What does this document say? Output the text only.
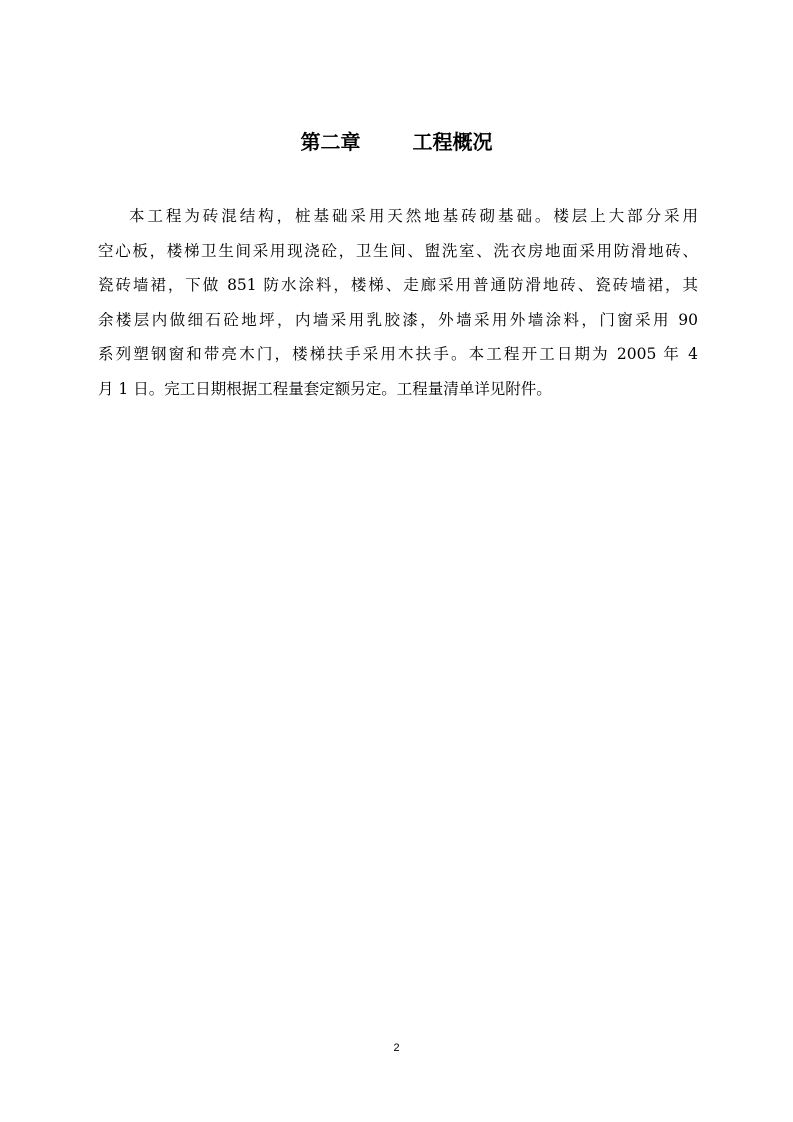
第二章	工程概况
本工程为砖混结构，桩基础采用天然地基砖砌基础。楼层上大部分采用
空心板，楼梯卫生间采用现浇砼，卫生间、盥洗室、洗衣房地面采用防滑地砖、
瓷砖墙裙，下做 851 防水涂料，楼梯、走廊采用普通防滑地砖、瓷砖墙裙，其
余楼层内做细石砼地坪，内墙采用乳胶漆，外墙采用外墙涂料，门窗采用 90
系列塑钢窗和带亮木门，楼梯扶手采用木扶手。本工程开工日期为 2005 年 4
月 1 日。完工日期根据工程量套定额另定。工程量清单详见附件。
2
